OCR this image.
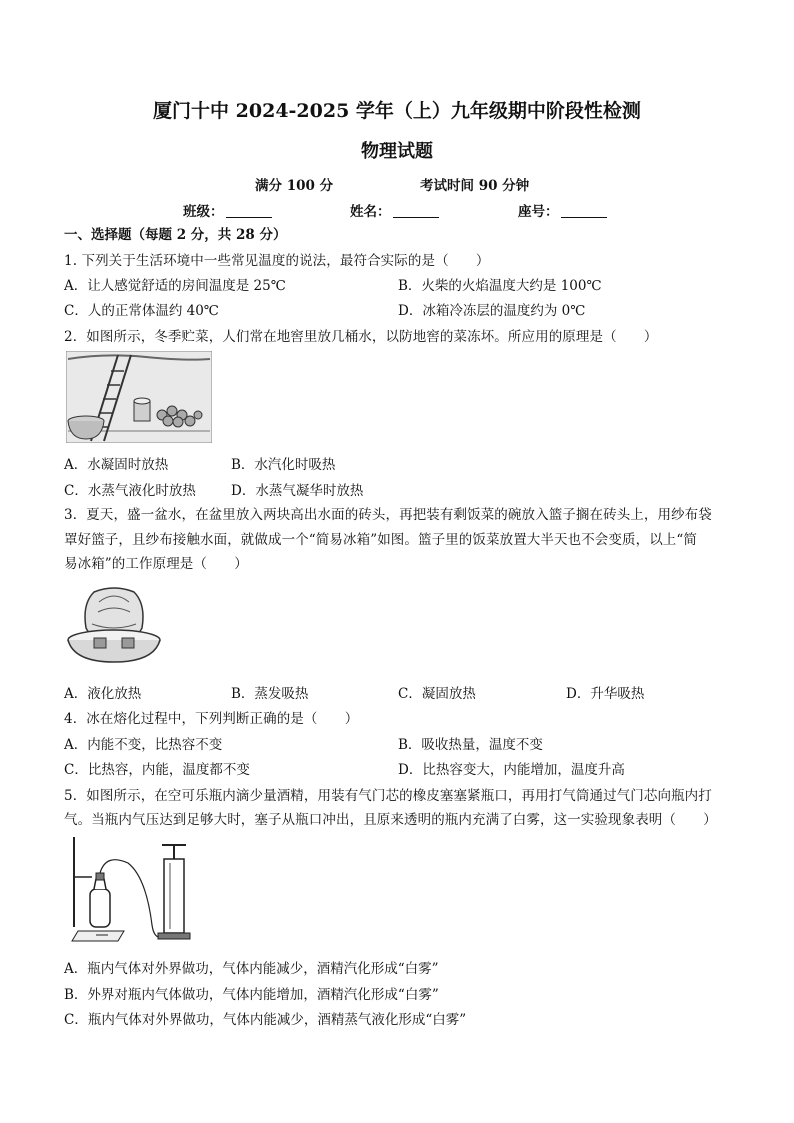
厦门十中 2024-2025 学年（上）九年级期中阶段性检测
物理试题
满分 100 分	考试时间 90 分钟
班级：	姓名：	座号：
一、选择题（每题 2 分，共 28 分）
1. 下列关于生活环境中一些常见温度的说法，最符合实际的是（　　）
A．让人感觉舒适的房间温度是 25℃	B．火柴的火焰温度大约是 100℃
C．人的正常体温约 40℃	D．冰箱冷冻层的温度约为 0℃
2．如图所示，冬季贮菜，人们常在地窖里放几桶水，以防地窖的菜冻坏。所应用的原理是（　　）
A．水凝固时放热	B．水汽化时吸热
C．水蒸气液化时放热	D．水蒸气凝华时放热
3．夏天，盛一盆水，在盆里放入两块高出水面的砖头，再把装有剩饭菜的碗放入篮子搁在砖头上，用纱布袋
罩好篮子，且纱布接触水面，就做成一个“简易冰箱”如图。篮子里的饭菜放置大半天也不会变质，以上“简
易冰箱”的工作原理是（　　）
A．液化放热	B．蒸发吸热	C．凝固放热	D．升华吸热
4．冰在熔化过程中，下列判断正确的是（　　）
A．内能不变，比热容不变	B．吸收热量，温度不变
C．比热容，内能，温度都不变	D．比热容变大，内能增加，温度升高
5．如图所示，在空可乐瓶内滴少量酒精，用装有气门芯的橡皮塞塞紧瓶口，再用打气筒通过气门芯向瓶内打
气。当瓶内气压达到足够大时，塞子从瓶口冲出，且原来透明的瓶内充满了白雾，这一实验现象表明（　　）
A．瓶内气体对外界做功，气体内能减少，酒精汽化形成“白雾”
B．外界对瓶内气体做功，气体内能增加，酒精汽化形成“白雾”
C．瓶内气体对外界做功，气体内能减少，酒精蒸气液化形成“白雾”
